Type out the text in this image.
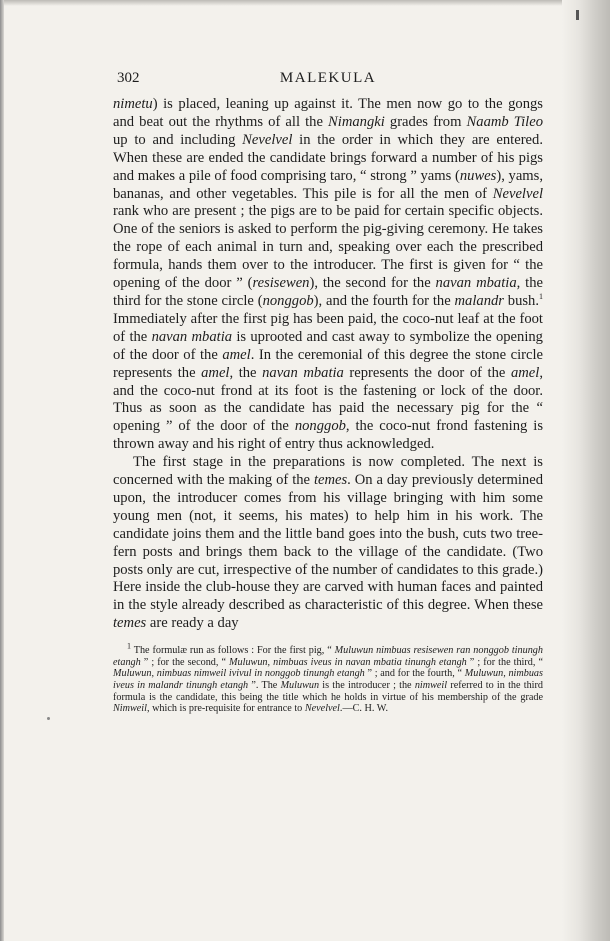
302	MALEKULA

nimetu) is placed, leaning up against it. The men now go to the gongs and beat out the rhythms of all the Nimangki grades from Naamb Tileo up to and including Nevelvel in the order in which they are entered. When these are ended the candidate brings forward a number of his pigs and makes a pile of food comprising taro, “ strong ” yams (nuwes), yams, bananas, and other vegetables. This pile is for all the men of Nevelvel rank who are present ; the pigs are to be paid for certain specific objects. One of the seniors is asked to perform the pig-giving ceremony. He takes the rope of each animal in turn and, speaking over each the prescribed formula, hands them over to the introducer. The first is given for “ the opening of the door ” (resisewen), the second for the navan mbatia, the third for the stone circle (nonggob), and the fourth for the malandr bush.$^1$ Immediately after the first pig has been paid, the coco-nut leaf at the foot of the navan mbatia is uprooted and cast away to symbolize the opening of the door of the amel. In the ceremonial of this degree the stone circle represents the amel, the navan mbatia represents the door of the amel, and the coco-nut frond at its foot is the fastening or lock of the door. Thus as soon as the candidate has paid the necessary pig for the “ opening ” of the door of the nonggob, the coco-nut frond fastening is thrown away and his right of entry thus acknowledged.

The first stage in the preparations is now completed. The next is concerned with the making of the temes. On a day previously determined upon, the introducer comes from his village bringing with him some young men (not, it seems, his mates) to help him in his work. The candidate joins them and the little band goes into the bush, cuts two tree-fern posts and brings them back to the village of the candidate. (Two posts only are cut, irrespective of the number of candidates to this grade.) Here inside the club-house they are carved with human faces and painted in the style already described as characteristic of this degree. When these temes are ready a day

$^1$ The formulæ run as follows : For the first pig, “ Muluwun nimbuas resisewen ran nonggob tinungh etangh ” ; for the second, “ Muluwun, nimbuas iveus in navan mbatia tinungh etangh ” ; for the third, “ Muluwun, nimbuas nimweil ivivul in nonggob tinungh etangh ” ; and for the fourth, “ Muluwun, nimbuas iveus in malandr tinungh etangh ”. The Muluwun is the introducer ; the nimweil referred to in the third formula is the candidate, this being the title which he holds in virtue of his membership of the grade Nimweil, which is pre-requisite for entrance to Nevelvel.—C. H. W.
